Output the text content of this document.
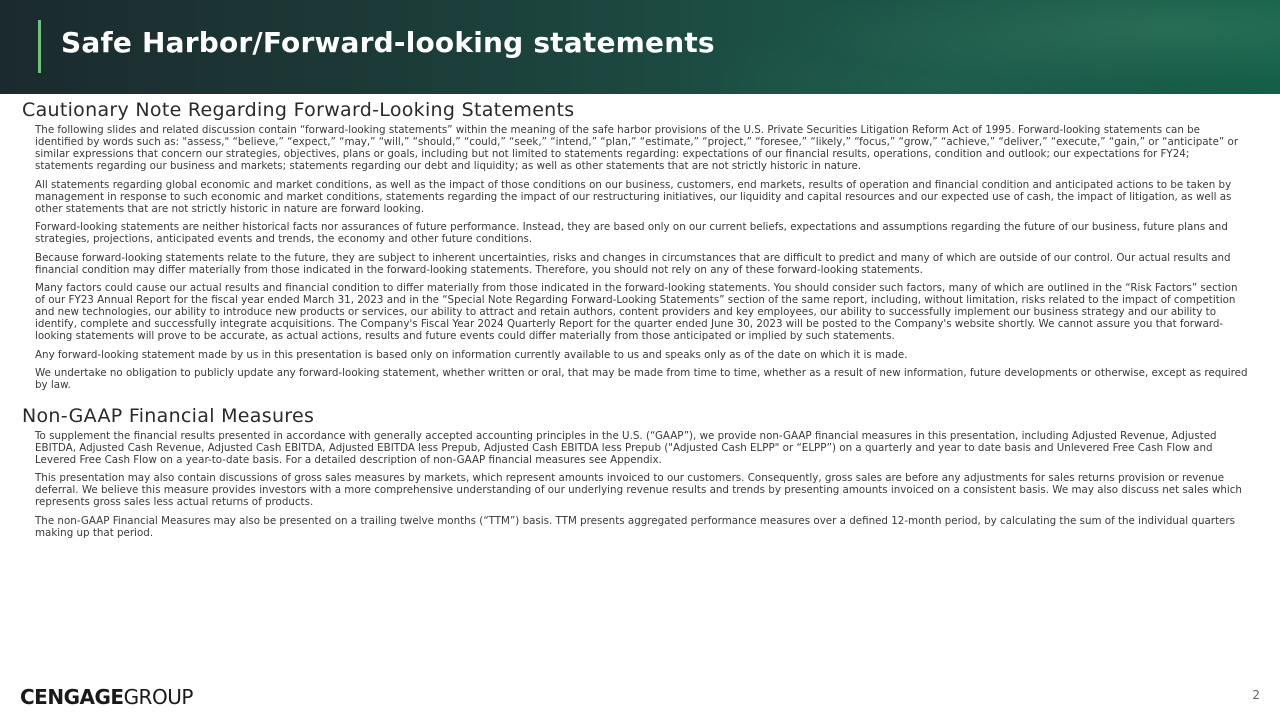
Safe Harbor/Forward-looking statements
Cautionary Note Regarding Forward-Looking Statements

The following slides and related discussion contain “forward-looking statements” within the meaning of the safe harbor provisions of the U.S. Private Securities Litigation Reform Act of 1995. Forward-looking statements can be identified by words such as: "assess," “believe,” “expect,” “may,” “will,” “should,” “could,” “seek,” “intend,” “plan,” “estimate,” “project,” “foresee,” “likely,” “focus,” “grow,” “achieve,” “deliver,” “execute,” “gain,” or “anticipate” or similar expressions that concern our strategies, objectives, plans or goals, including but not limited to statements regarding: expectations of our financial results, operations, condition and outlook; our expectations for FY24; statements regarding our business and markets; statements regarding our debt and liquidity; as well as other statements that are not strictly historic in nature.

All statements regarding global economic and market conditions, as well as the impact of those conditions on our business, customers, end markets, results of operation and financial condition and anticipated actions to be taken by management in response to such economic and market conditions, statements regarding the impact of our restructuring initiatives, our liquidity and capital resources and our expected use of cash, the impact of litigation, as well as other statements that are not strictly historic in nature are forward looking.

Forward-looking statements are neither historical facts nor assurances of future performance. Instead, they are based only on our current beliefs, expectations and assumptions regarding the future of our business, future plans and strategies, projections, anticipated events and trends, the economy and other future conditions.

Because forward-looking statements relate to the future, they are subject to inherent uncertainties, risks and changes in circumstances that are difficult to predict and many of which are outside of our control. Our actual results and financial condition may differ materially from those indicated in the forward-looking statements. Therefore, you should not rely on any of these forward-looking statements.

Many factors could cause our actual results and financial condition to differ materially from those indicated in the forward-looking statements. You should consider such factors, many of which are outlined in the “Risk Factors” section of our FY23 Annual Report for the fiscal year ended March 31, 2023 and in the “Special Note Regarding Forward-Looking Statements” section of the same report, including, without limitation, risks related to the impact of competition and new technologies, our ability to introduce new products or services, our ability to attract and retain authors, content providers and key employees, our ability to successfully implement our business strategy and our ability to identify, complete and successfully integrate acquisitions. The Company's Fiscal Year 2024 Quarterly Report for the quarter ended June 30, 2023 will be posted to the Company's website shortly. We cannot assure you that forward-looking statements will prove to be accurate, as actual actions, results and future events could differ materially from those anticipated or implied by such statements.

Any forward-looking statement made by us in this presentation is based only on information currently available to us and speaks only as of the date on which it is made.

We undertake no obligation to publicly update any forward-looking statement, whether written or oral, that may be made from time to time, whether as a result of new information, future developments or otherwise, except as required by law.

Non-GAAP Financial Measures

To supplement the financial results presented in accordance with generally accepted accounting principles in the U.S. (“GAAP”), we provide non-GAAP financial measures in this presentation, including Adjusted Revenue, Adjusted EBITDA, Adjusted Cash Revenue, Adjusted Cash EBITDA, Adjusted EBITDA less Prepub, Adjusted Cash EBITDA less Prepub ("Adjusted Cash ELPP" or “ELPP”) on a quarterly and year to date basis and Unlevered Free Cash Flow and Levered Free Cash Flow on a year-to-date basis. For a detailed description of non-GAAP financial measures see Appendix.

This presentation may also contain discussions of gross sales measures by markets, which represent amounts invoiced to our customers. Consequently, gross sales are before any adjustments for sales returns provision or revenue deferral. We believe this measure provides investors with a more comprehensive understanding of our underlying revenue results and trends by presenting amounts invoiced on a consistent basis. We may also discuss net sales which represents gross sales less actual returns of products.

The non-GAAP Financial Measures may also be presented on a trailing twelve months (“TTM”) basis. TTM presents aggregated performance measures over a defined 12-month period, by calculating the sum of the individual quarters making up that period.

CENGAGEGROUP	2
